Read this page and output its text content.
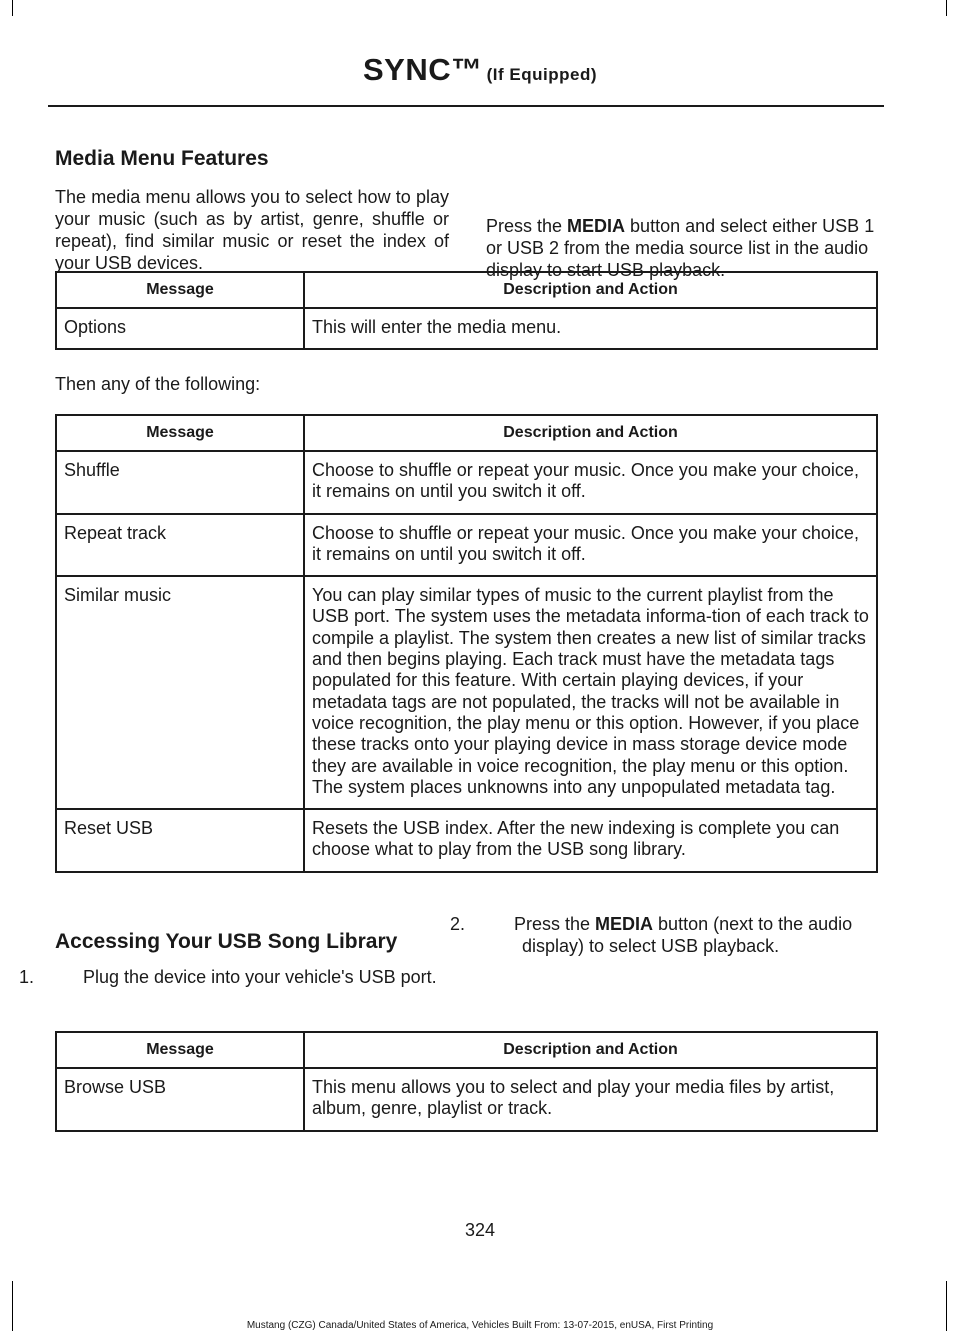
SYNC™ (If Equipped)
Media Menu Features

The media menu allows you to select how to play your music (such as by artist, genre, shuffle or repeat), find similar music or reset the index of your USB devices.

Press the MEDIA button and select either USB 1 or USB 2 from the media source list in the audio display to start USB playback.

Message	Description and Action
Options	This will enter the media menu.

Then any of the following:

Message	Description and Action
Shuffle	Choose to shuffle or repeat your music. Once you make your choice, it remains on until you switch it off.
Repeat track	Choose to shuffle or repeat your music. Once you make your choice, it remains on until you switch it off.
Similar music	You can play similar types of music to the current playlist from the USB port. The system uses the metadata informa-tion of each track to compile a playlist. The system then creates a new list of similar tracks and then begins playing. Each track must have the metadata tags populated for this feature. With certain playing devices, if your metadata tags are not populated, the tracks will not be available in voice recognition, the play menu or this option. However, if you place these tracks onto your playing device in mass storage device mode they are available in voice recognition, the play menu or this option. The system places unknowns into any unpopulated metadata tag.
Reset USB	Resets the USB index. After the new indexing is complete you can choose what to play from the USB song library.
Accessing Your USB Song Library
1.	Plug the device into your vehicle's USB port.
2.	Press the MEDIA button (next to the audio display) to select USB playback.
Message	Description and Action
Browse USB	This menu allows you to select and play your media files by artist, album, genre, playlist or track.
324
Mustang (CZG) Canada/United States of America, Vehicles Built From: 13-07-2015, enUSA, First Printing
